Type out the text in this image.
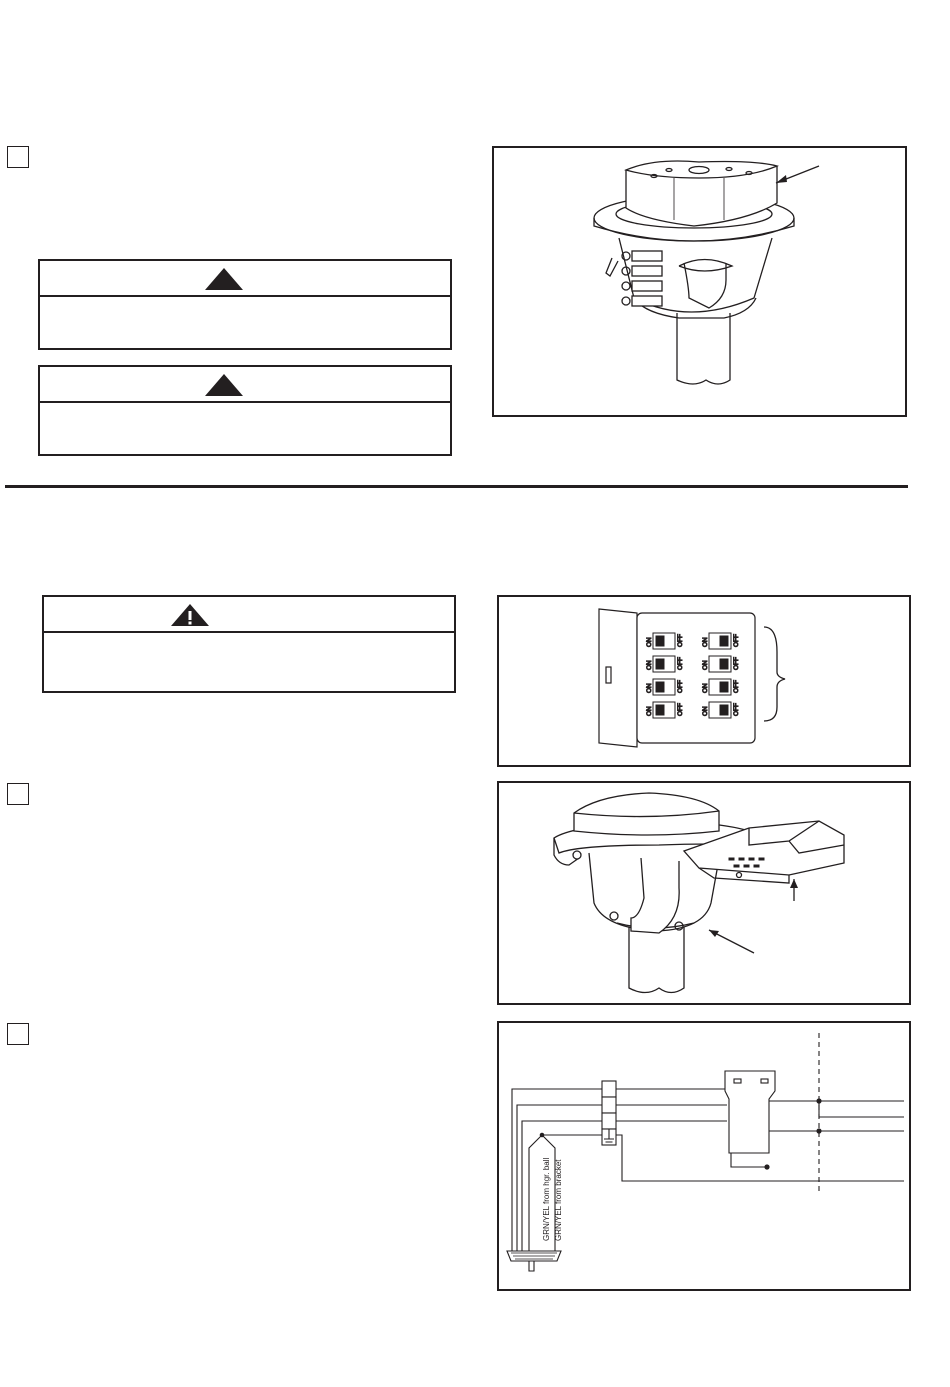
ON	OFF	ON	OFF
ON	OFF	ON	OFF
ON	OFF	ON	OFF
ON	OFF	ON	OFF
GRN/YEL from hgr. ball GRN/YEL from bracket
